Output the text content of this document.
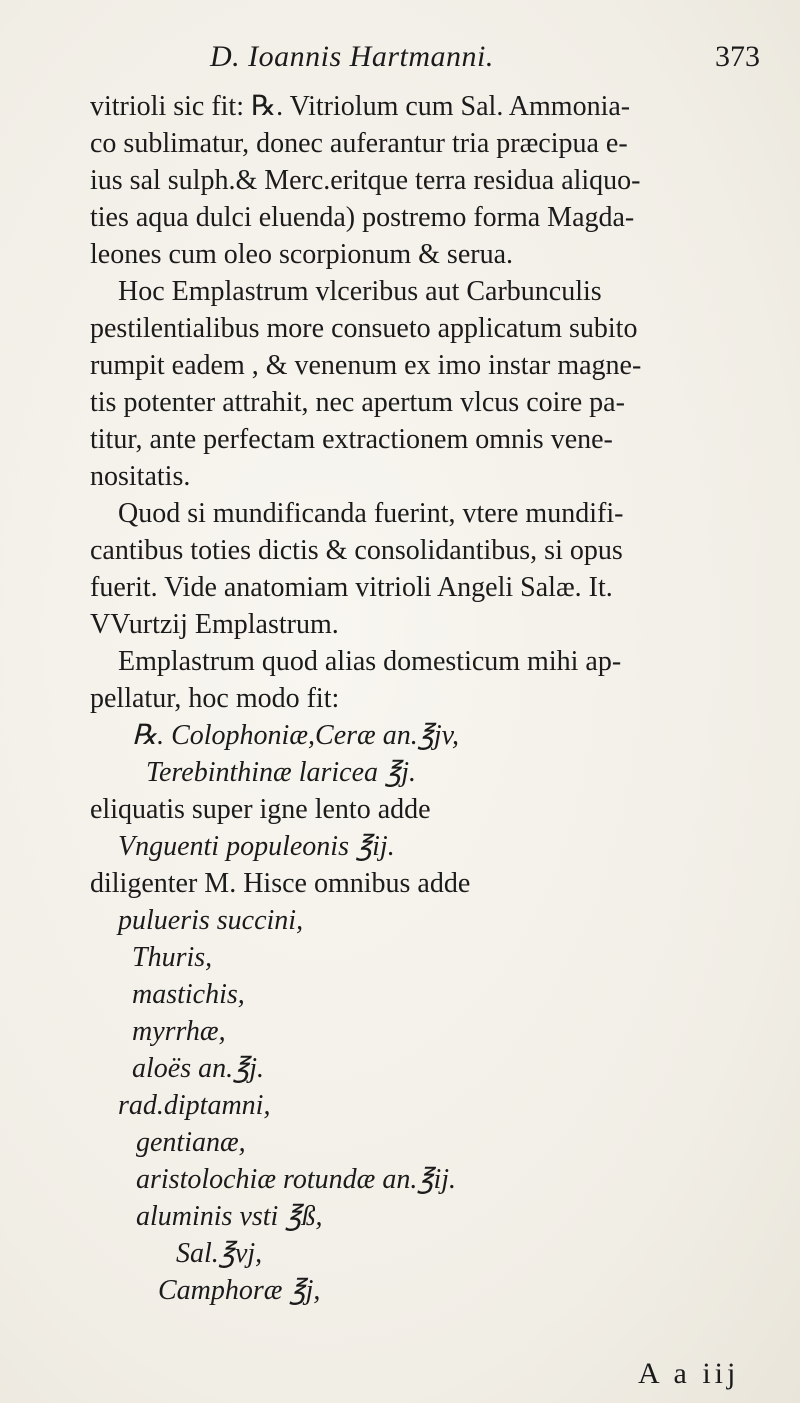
D. Ioannis Hartmanni.	373
vitrioli sic fit: ℞. Vitriolum cum Sal. Ammonia-
co sublimatur, donec auferantur tria præcipua e-
ius sal sulph.& Merc.eritque terra residua aliquo-
ties aqua dulci eluenda) postremo forma Magda-
leones cum oleo scorpionum & serua.
Hoc Emplastrum vlceribus aut Carbunculis
pestilentialibus more consueto applicatum subito
rumpit eadem , & venenum ex imo instar magne-
tis potenter attrahit, nec apertum vlcus coire pa-
titur, ante perfectam extractionem omnis vene-
nositatis.
Quod si mundificanda fuerint, vtere mundifi-
cantibus toties dictis & consolidantibus, si opus
fuerit. Vide anatomiam vitrioli Angeli Salæ. It.
VVurtzij Emplastrum.
Emplastrum quod alias domesticum mihi ap-
pellatur, hoc modo fit:
℞. Colophoniæ,Ceræ an.℥jv,
Terebinthinæ laricea ℥j.
eliquatis super igne lento adde
Vnguenti populeonis ℥ij.
diligenter M. Hisce omnibus adde
pulueris succini,
Thuris,
mastichis,
myrrhæ,
aloës an.℥j.
rad.diptamni,
gentianæ,
aristolochiæ rotundæ an.℥ij.
aluminis vsti ℥ß,
Sal.℥vj,
Camphoræ ℥j,
A a iij
